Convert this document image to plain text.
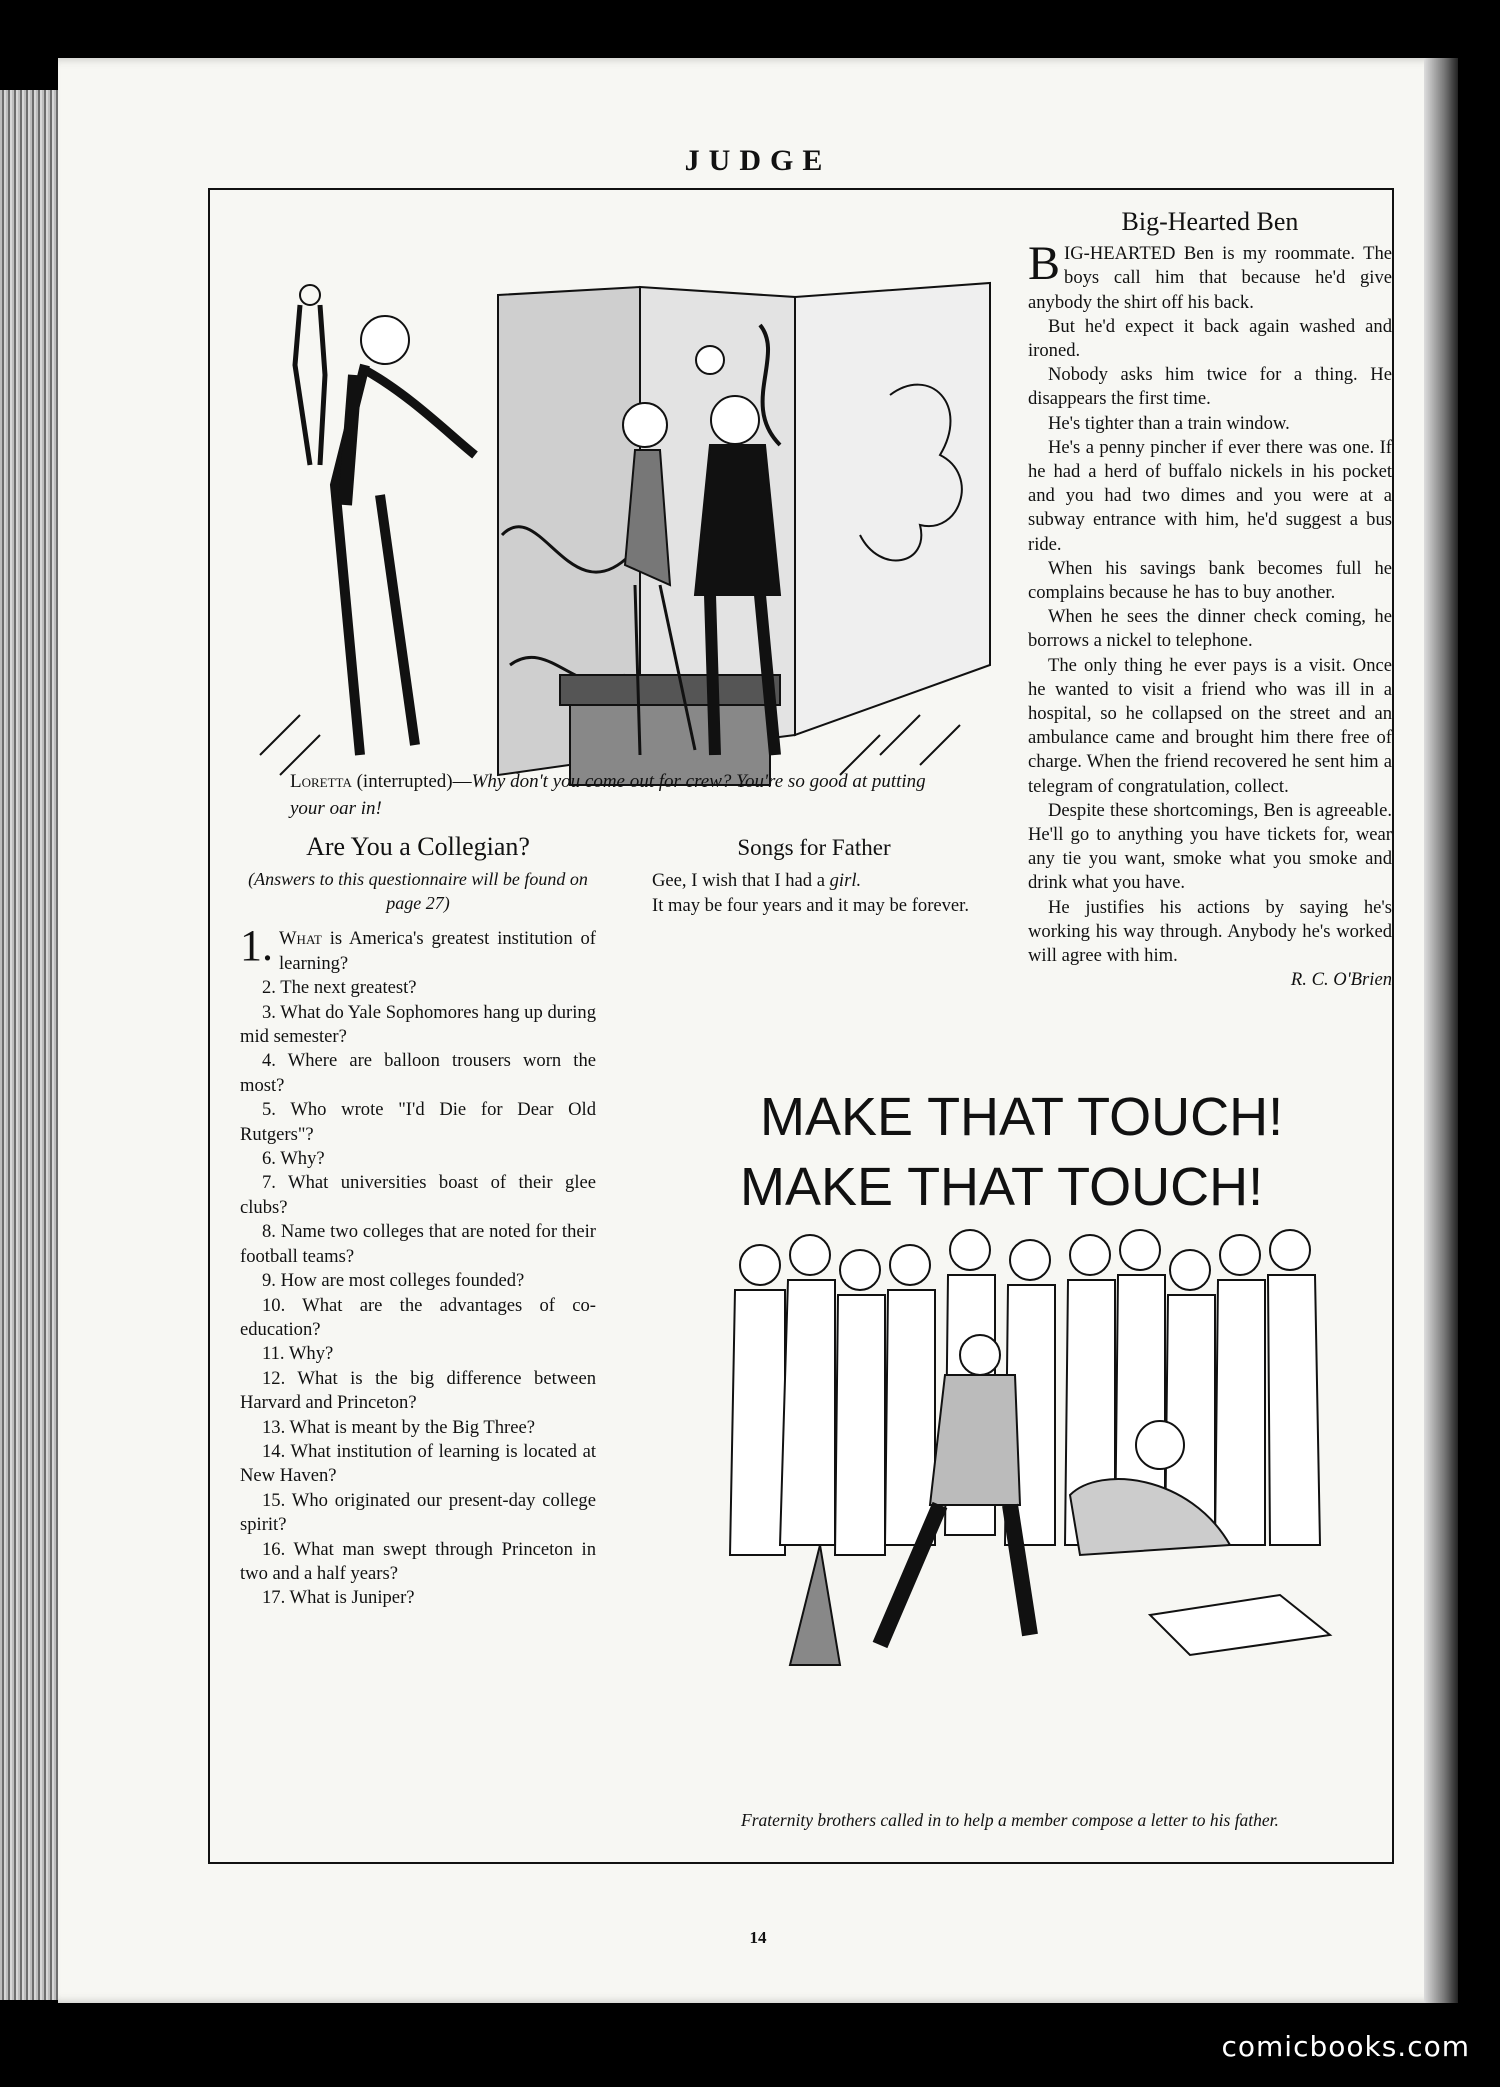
JUDGE
Loretta (interrupted)—Why don't you come out for crew? You're so good at putting your oar in!
Big-Hearted Ben

BIG-HEARTED Ben is my roommate. The boys call him that because he'd give anybody the shirt off his back.

But he'd expect it back again washed and ironed.

Nobody asks him twice for a thing. He disappears the first time.

He's tighter than a train window.

He's a penny pincher if ever there was one. If he had a herd of buffalo nickels in his pocket and you had two dimes and you were at a subway entrance with him, he'd suggest a bus ride.

When his savings bank becomes full he complains because he has to buy another.

When he sees the dinner check coming, he borrows a nickel to telephone.

The only thing he ever pays is a visit. Once he wanted to visit a friend who was ill in a hospital, so he collapsed on the street and an ambulance came and brought him there free of charge. When the friend recovered he sent him a telegram of congratulation, collect.

Despite these shortcomings, Ben is agreeable. He'll go to anything you have tickets for, wear any tie you want, smoke what you smoke and drink what you have.

He justifies his actions by saying he's working his way through. Anybody he's worked will agree with him.

R. C. O'Brien

Are You a Collegian?
(Answers to this questionnaire will be found on page 27)

1. What is America's greatest institution of learning?

2. The next greatest?

3. What do Yale Sophomores hang up during mid semester?

4. Where are balloon trousers worn the most?

5. Who wrote "I'd Die for Dear Old Rutgers"?

6. Why?

7. What universities boast of their glee clubs?

8. Name two colleges that are noted for their football teams?

9. How are most colleges founded?

10. What are the advantages of co-education?

11. Why?

12. What is the big difference between Harvard and Princeton?

13. What is meant by the Big Three?

14. What institution of learning is located at New Haven?

15. Who originated our present-day college spirit?

16. What man swept through Princeton in two and a half years?

17. What is Juniper?

Songs for Father

Gee, I wish that I had a girl.

It may be four years and it may be forever.

MAKE THAT TOUCH!
MAKE THAT TOUCH!
Fraternity brothers called in to help a member compose a letter to his father.
14
comicbooks.com
